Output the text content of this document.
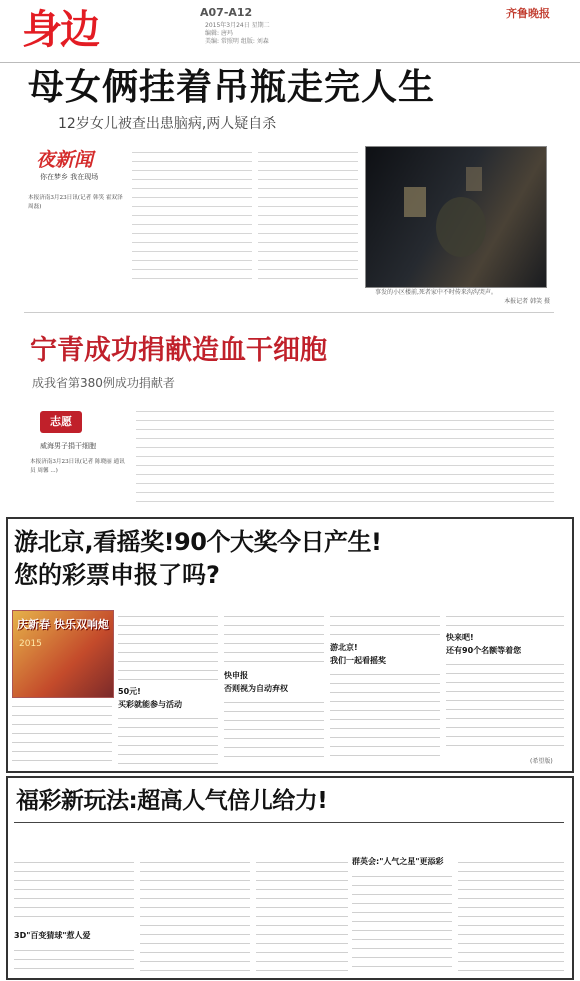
身边	A07-A12
2015年3月24日 星期二
编辑: 唐玛
美编: 常照明 组版: 刘森
齐鲁晚报
母女俩挂着吊瓶走完人生
12岁女儿被查出患脑病,两人疑自杀
夜新闻
你在梦乡 我在现场
本报济南3月23日讯(记者 韩笑 霍双泽 周磊)
事发的小区楼前,死者家中不时传来沟沟哭声。
本报记者 韩笑 摄
宁青成功捐献造血干细胞
成我省第380例成功捐献者
志愿
威海男子捐干细胞
本报济南3月23日讯(记者 陈晓丽 通讯员 周馨 ...)
游北京,看摇奖!90个大奖今日产生!
您的彩票申报了吗?
庆新春 快乐双响炮
2015
50元!
买彩就能参与活动
快申报
否则视为自动弃权
游北京!
我们一起看摇奖
快来吧!
还有90个名额等着您
(希望版)
福彩新玩法:超高人气倍儿给力!
3D"百变猜球"惹人爱
群英会:"人气之星"更添彩
